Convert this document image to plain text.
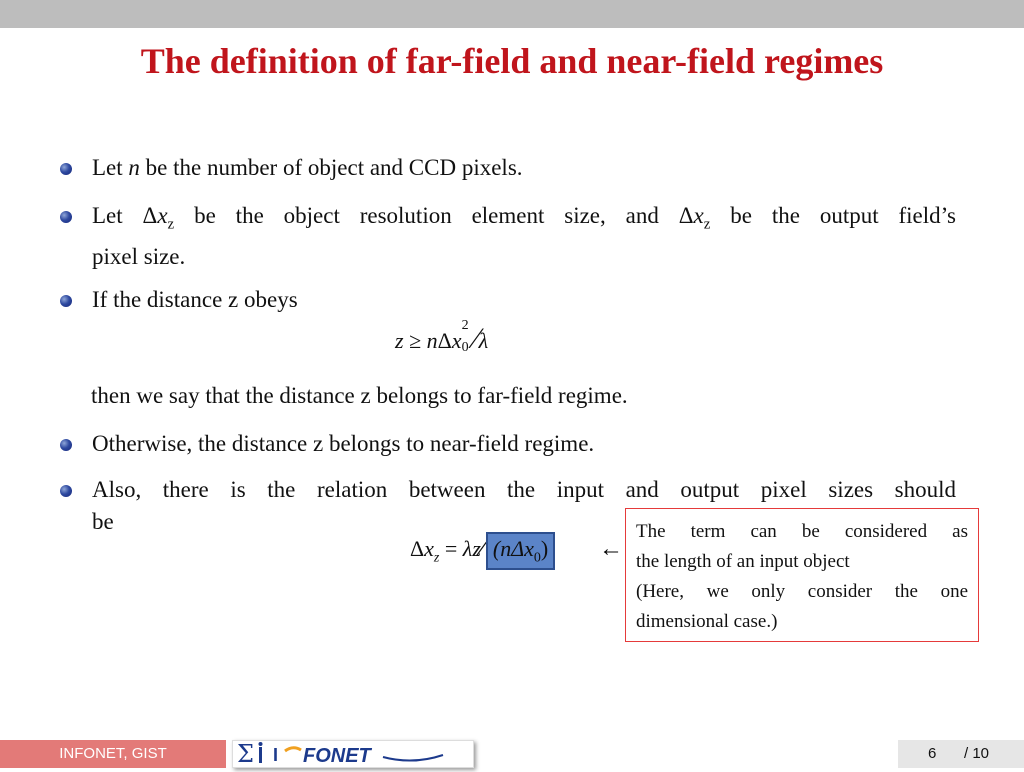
The definition of far-field and near-field regimes
Let n be the number of object and CCD pixels.
Let $\Delta x_z$ be the object resolution element size, and $\Delta x_z$ be the output field’s
pixel size.
If the distance z obeys
z ≥ nΔx
2
0 ⁄λ
then we say that the distance z belongs to far-field regime.
Otherwise, the distance z belongs to near-field regime.
Also, there is the relation between the input and output pixel sizes should
be
$\Delta x_z$ = λz⁄ (nΔx$_0$) ←

The term can be considered as

the length of an input object

(Here, we only consider the one

dimensional case.)

INFONET, GIST	Σ I FONET	6 / 10
